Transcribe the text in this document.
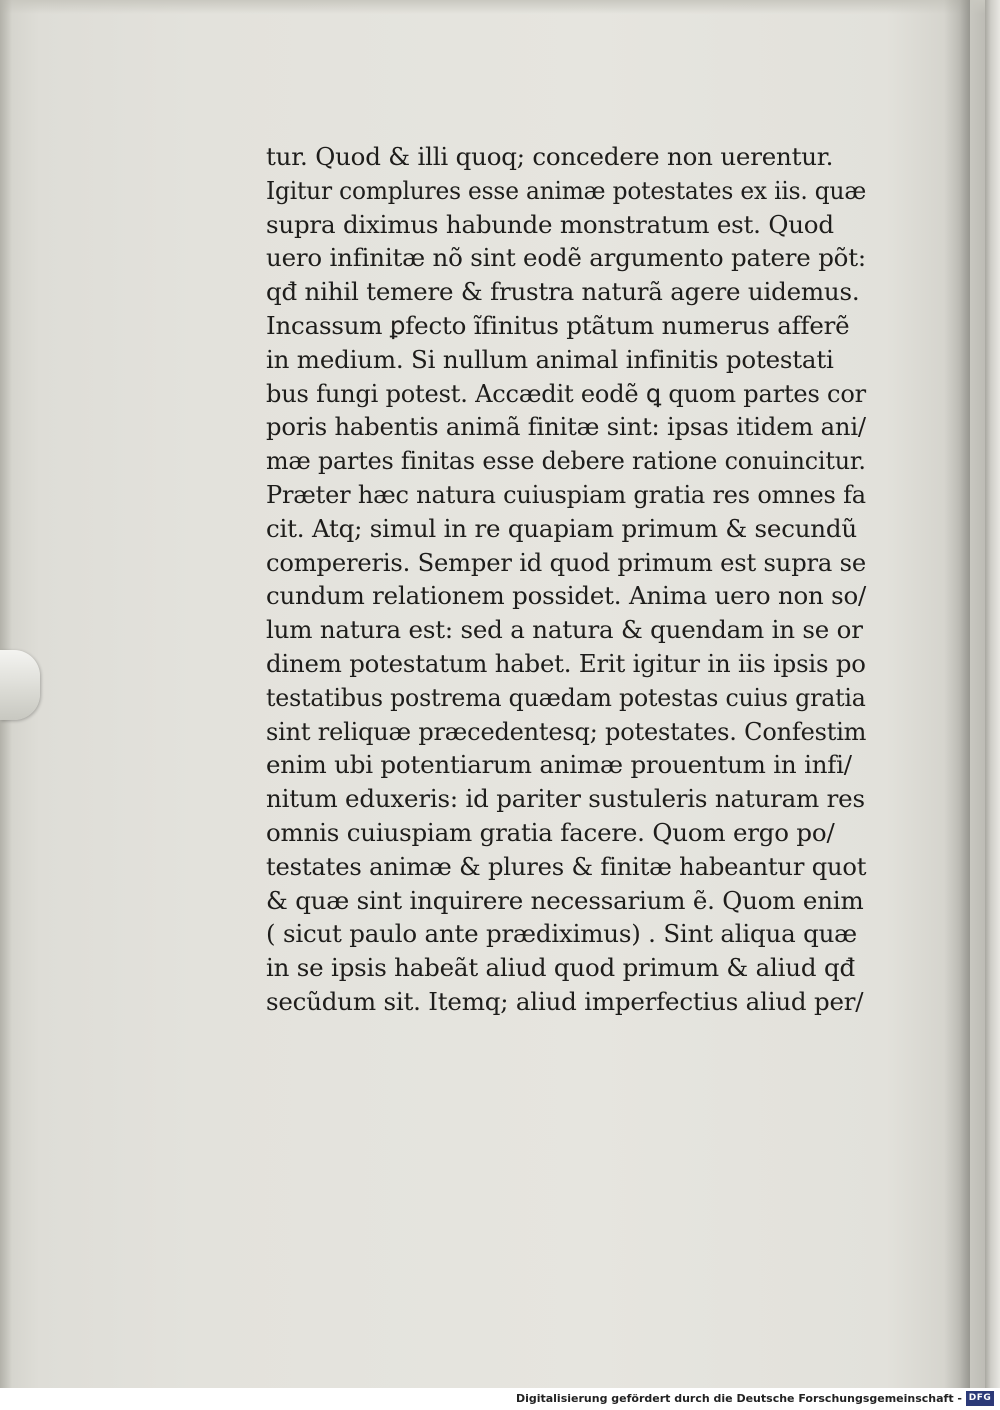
tur. Quod & illi quoq; concedere non uerentur.
Igitur complures esse animæ potestates ex iis. quæ
supra diximus habunde monstratum est. Quod
uero infinitæ nõ sint eodẽ argumento patere põt:
qđ nihil temere & frustra naturã agere uidemus.
Incassum ꝑfecto ĩfinitus ptãtum numerus afferẽ
in medium. Si nullum animal infinitis potestati
bus fungi potest. Accædit eodẽ ꝗ quom partes cor
poris habentis animã finitæ sint: ipsas itidem ani/
mæ partes finitas esse debere ratione conuincitur.
Præter hæc natura cuiuspiam gratia res omnes fa
cit. Atq; simul in re quapiam primum & secundũ
compereris. Semper id quod primum est supra se
cundum relationem possidet. Anima uero non so/
lum natura est: sed a natura & quendam in se or
dinem potestatum habet. Erit igitur in iis ipsis po
testatibus postrema quædam potestas cuius gratia
sint reliquæ præcedentesq; potestates. Confestim
enim ubi potentiarum animæ prouentum in infi/
nitum eduxeris: id pariter sustuleris naturam res
omnis cuiuspiam gratia facere. Quom ergo po/
testates animæ & plures & finitæ habeantur quot
& quæ sint inquirere necessarium ẽ. Quom enim
( sicut paulo ante prædiximus) . Sint aliqua quæ
in se ipsis habeãt aliud quod primum & aliud qđ
secũdum sit. Itemq; aliud imperfectius aliud per/
Digitalisierung gefördert durch die Deutsche Forschungsgemeinschaft - DFG
